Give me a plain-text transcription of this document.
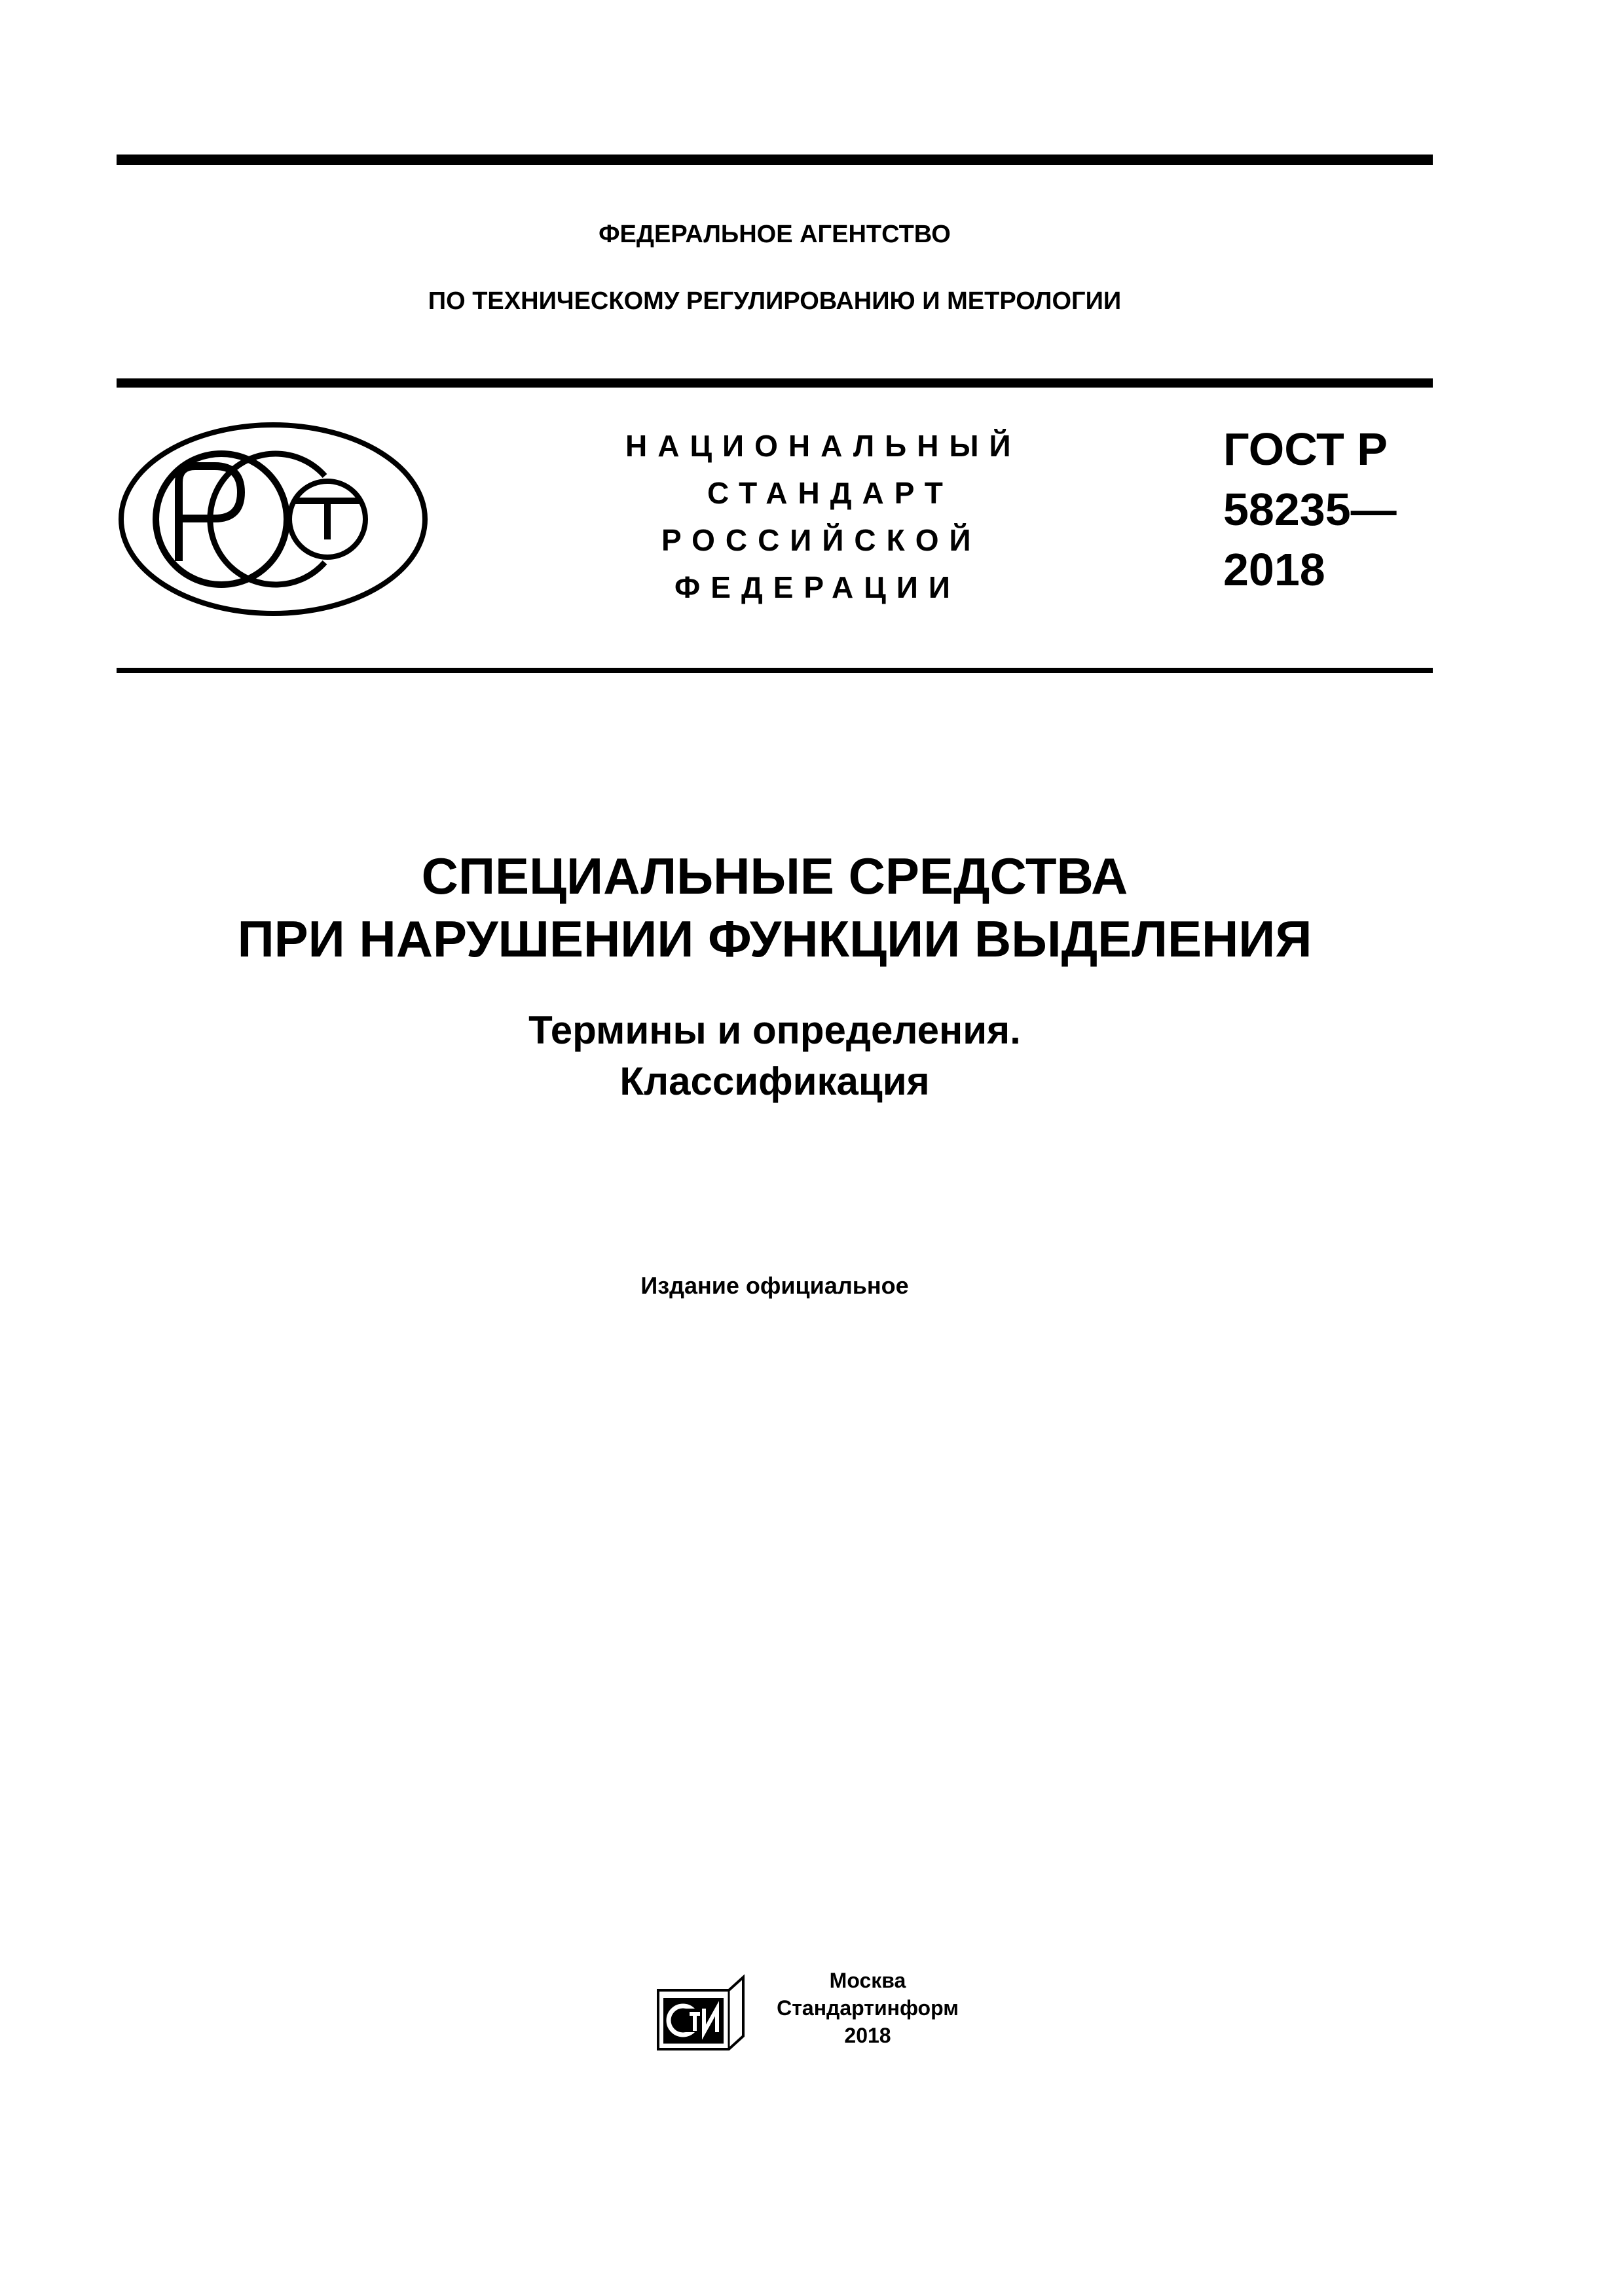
ФЕДЕРАЛЬНОЕ АГЕНТСТВО
ПО ТЕХНИЧЕСКОМУ РЕГУЛИРОВАНИЮ И МЕТРОЛОГИИ
НАЦИОНАЛЬНЫЙ
СТАНДАРТ
РОССИЙСКОЙ
ФЕДЕРАЦИИ
ГОСТ Р
58235—
2018
СПЕЦИАЛЬНЫЕ СРЕДСТВА
ПРИ НАРУШЕНИИ ФУНКЦИИ ВЫДЕЛЕНИЯ
Термины и определения.
Классификация
Издание официальное
Москва
Стандартинформ
2018
